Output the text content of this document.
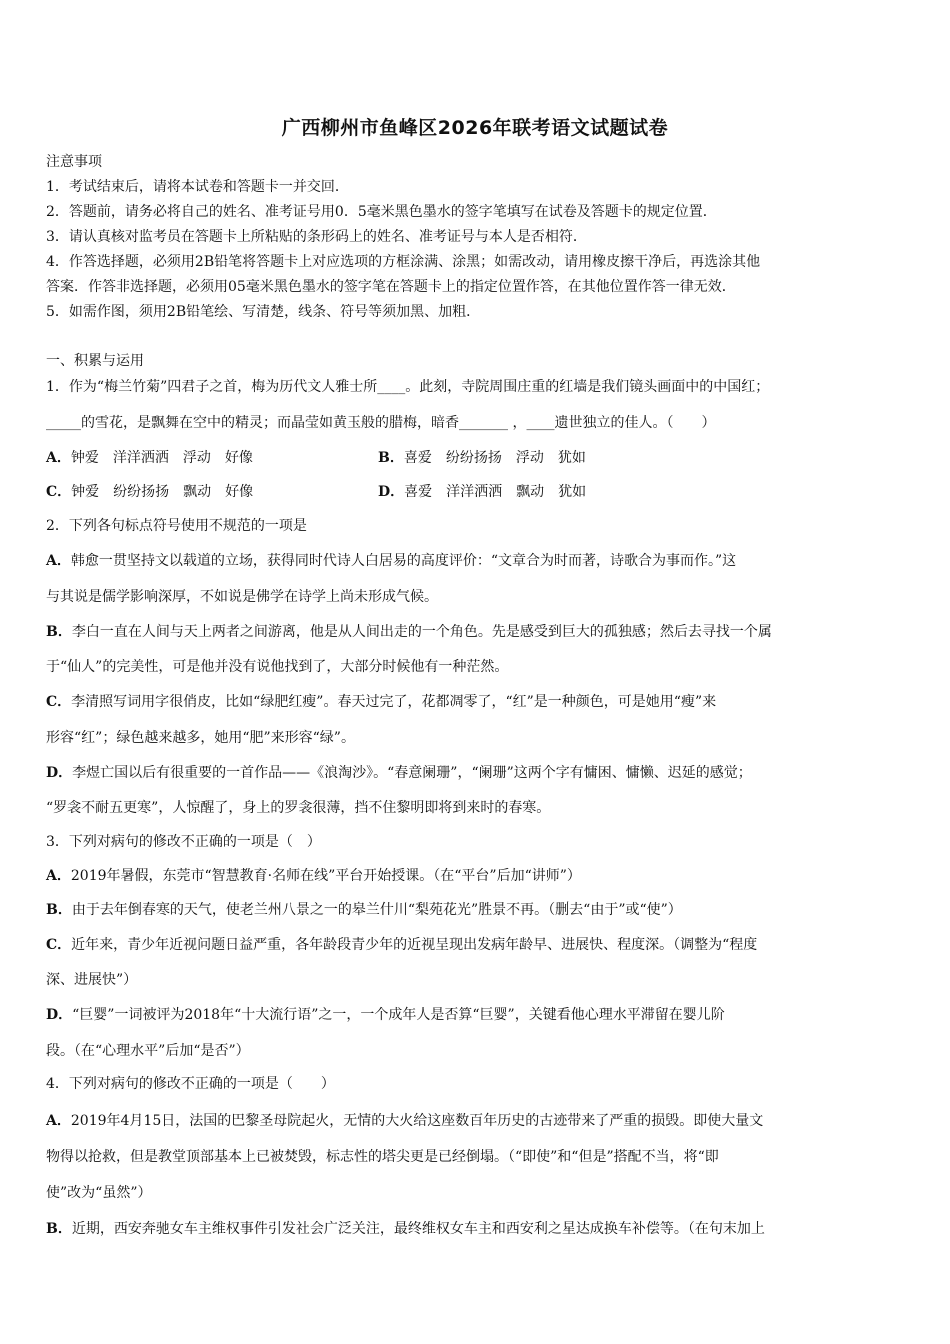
广西柳州市鱼峰区2026年联考语文试题试卷
注意事项
1．考试结束后，请将本试卷和答题卡一并交回．
2．答题前，请务必将自己的姓名、准考证号用0．5毫米黑色墨水的签字笔填写在试卷及答题卡的规定位置．
3．请认真核对监考员在答题卡上所粘贴的条形码上的姓名、准考证号与本人是否相符．
4．作答选择题，必须用2B铅笔将答题卡上对应选项的方框涂满、涂黑；如需改动，请用橡皮擦干净后，再选涂其他
答案．作答非选择题，必须用05毫米黑色墨水的签字笔在答题卡上的指定位置作答，在其他位置作答一律无效．
5．如需作图，须用2B铅笔绘、写清楚，线条、符号等须加黑、加粗．
一、积累与运用
1．作为“梅兰竹菊”四君子之首，梅为历代文人雅士所____。此刻，寺院周围庄重的红墙是我们镜头画面中的中国红；
_____的雪花，是飘舞在空中的精灵；而晶莹如黄玉般的腊梅，暗香_______ ，____遗世独立的佳人。（　　）
A．钟爱 洋洋洒洒 浮动 好像	B．喜爱 纷纷扬扬 浮动 犹如
C．钟爱 纷纷扬扬 飘动 好像	D．喜爱 洋洋洒洒 飘动 犹如
2．下列各句标点符号使用不规范的一项是
A．韩愈一贯坚持文以载道的立场，获得同时代诗人白居易的高度评价：“文章合为时而著，诗歌合为事而作。”这
与其说是儒学影响深厚，不如说是佛学在诗学上尚未形成气候。
B．李白一直在人间与天上两者之间游离，他是从人间出走的一个角色。先是感受到巨大的孤独感；然后去寻找一个属
于“仙人”的完美性，可是他并没有说他找到了，大部分时候他有一种茫然。
C．李清照写词用字很俏皮，比如“绿肥红瘦”。春天过完了，花都凋零了，“红”是一种颜色，可是她用“瘦”来
形容“红”；绿色越来越多，她用“肥”来形容“绿”。
D．李煜亡国以后有很重要的一首作品——《浪淘沙》。“春意阑珊”，“阑珊”这两个字有慵困、慵懒、迟延的感觉；
“罗衾不耐五更寒”，人惊醒了，身上的罗衾很薄，挡不住黎明即将到来时的春寒。
3．下列对病句的修改不正确的一项是（　）
A．2019年暑假，东莞市“智慧教育·名师在线”平台开始授课。（在“平台”后加“讲师”）
B．由于去年倒春寒的天气，使老兰州八景之一的皋兰什川“梨苑花光”胜景不再。（删去“由于”或“使”）
C．近年来，青少年近视问题日益严重，各年龄段青少年的近视呈现出发病年龄早、进展快、程度深。（调整为“程度
深、进展快”）
D．“巨婴”一词被评为2018年“十大流行语”之一，一个成年人是否算“巨婴”，关键看他心理水平滞留在婴儿阶
段。（在“心理水平”后加“是否”）
4．下列对病句的修改不正确的一项是（　　）
A．2019年4月15日，法国的巴黎圣母院起火，无情的大火给这座数百年历史的古迹带来了严重的损毁。即使大量文
物得以抢救，但是教堂顶部基本上已被焚毁，标志性的塔尖更是已经倒塌。（“即使”和“但是”搭配不当，将“即
使”改为“虽然”）
B．近期，西安奔驰女车主维权事件引发社会广泛关注，最终维权女车主和西安利之星达成换车补偿等。（在句末加上
